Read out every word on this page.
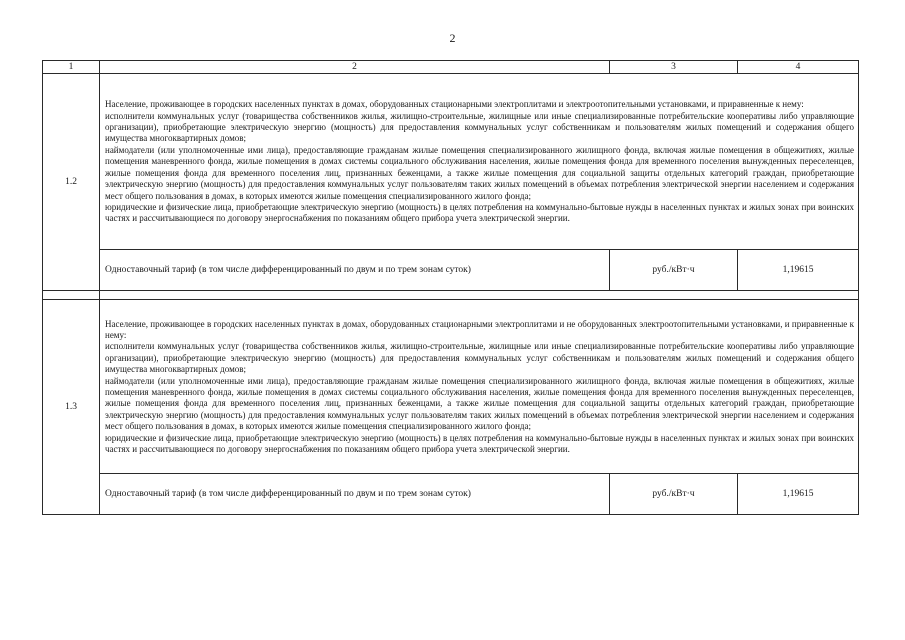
2
1	2	3	4
1.2	Население, проживающее в городских населенных пунктах в домах, оборудованных стационарными электроплитами и электроотопительными установками, и приравненные к нему:

исполнители коммунальных услуг (товарищества собственников жилья, жилищно-строительные, жилищные или иные специализированные потребительские кооперативы либо управляющие организации), приобретающие электрическую энергию (мощность) для предоставления коммунальных услуг собственникам и пользователям жилых помещений и содержания общего имущества многоквартирных домов;

наймодатели (или уполномоченные ими лица), предоставляющие гражданам жилые помещения специализированного жилищного фонда, включая жилые помещения в общежитиях, жилые помещения маневренного фонда, жилые помещения в домах системы социального обслуживания населения, жилые помещения фонда для временного поселения вынужденных переселенцев, жилые помещения фонда для временного поселения лиц, признанных беженцами, а также жилые помещения для социальной защиты отдельных категорий граждан, приобретающие электрическую энергию (мощность) для предоставления коммунальных услуг пользователям таких жилых помещений в объемах потребления электрической энергии населением и содержания мест общего пользования в домах, в которых имеются жилые помещения специализированного жилого фонда;

юридические и физические лица, приобретающие электрическую энергию (мощность) в целях потребления на коммунально-бытовые нужды в населенных пунктах и жилых зонах при воинских частях и рассчитывающиеся по договору энергоснабжения по показаниям общего прибора учета электрической энергии.		

	Одноставочный тариф (в том числе дифференцированный по двум и по трем зонам суток)	руб./кВт·ч	1,19615

1.3	Население, проживающее в городских населенных пунктах в домах, оборудованных стационарными электроплитами и не оборудованных электроотопительными установками, и приравненные к нему:

исполнители коммунальных услуг (товарищества собственников жилья, жилищно-строительные, жилищные или иные специализированные потребительские кооперативы либо управляющие организации), приобретающие электрическую энергию (мощность) для предоставления коммунальных услуг собственникам и пользователям жилых помещений и содержания общего имущества многоквартирных домов;

наймодатели (или уполномоченные ими лица), предоставляющие гражданам жилые помещения специализированного жилищного фонда, включая жилые помещения в общежитиях, жилые помещения маневренного фонда, жилые помещения в домах системы социального обслуживания населения, жилые помещения фонда для временного поселения вынужденных переселенцев, жилые помещения фонда для временного поселения лиц, признанных беженцами, а также жилые помещения для социальной защиты отдельных категорий граждан, приобретающие электрическую энергию (мощность) для предоставления коммунальных услуг пользователям таких жилых помещений в объемах потребления электрической энергии населением и содержания мест общего пользования в домах, в которых имеются жилые помещения специализированного жилого фонда;

юридические и физические лица, приобретающие электрическую энергию (мощность) в целях потребления на коммунально-бытовые нужды в населенных пунктах и жилых зонах при воинских частях и рассчитывающиеся по договору энергоснабжения по показаниям общего прибора учета электрической энергии.		

	Одноставочный тариф (в том числе дифференцированный по двум и по трем зонам суток)	руб./кВт·ч	1,19615
